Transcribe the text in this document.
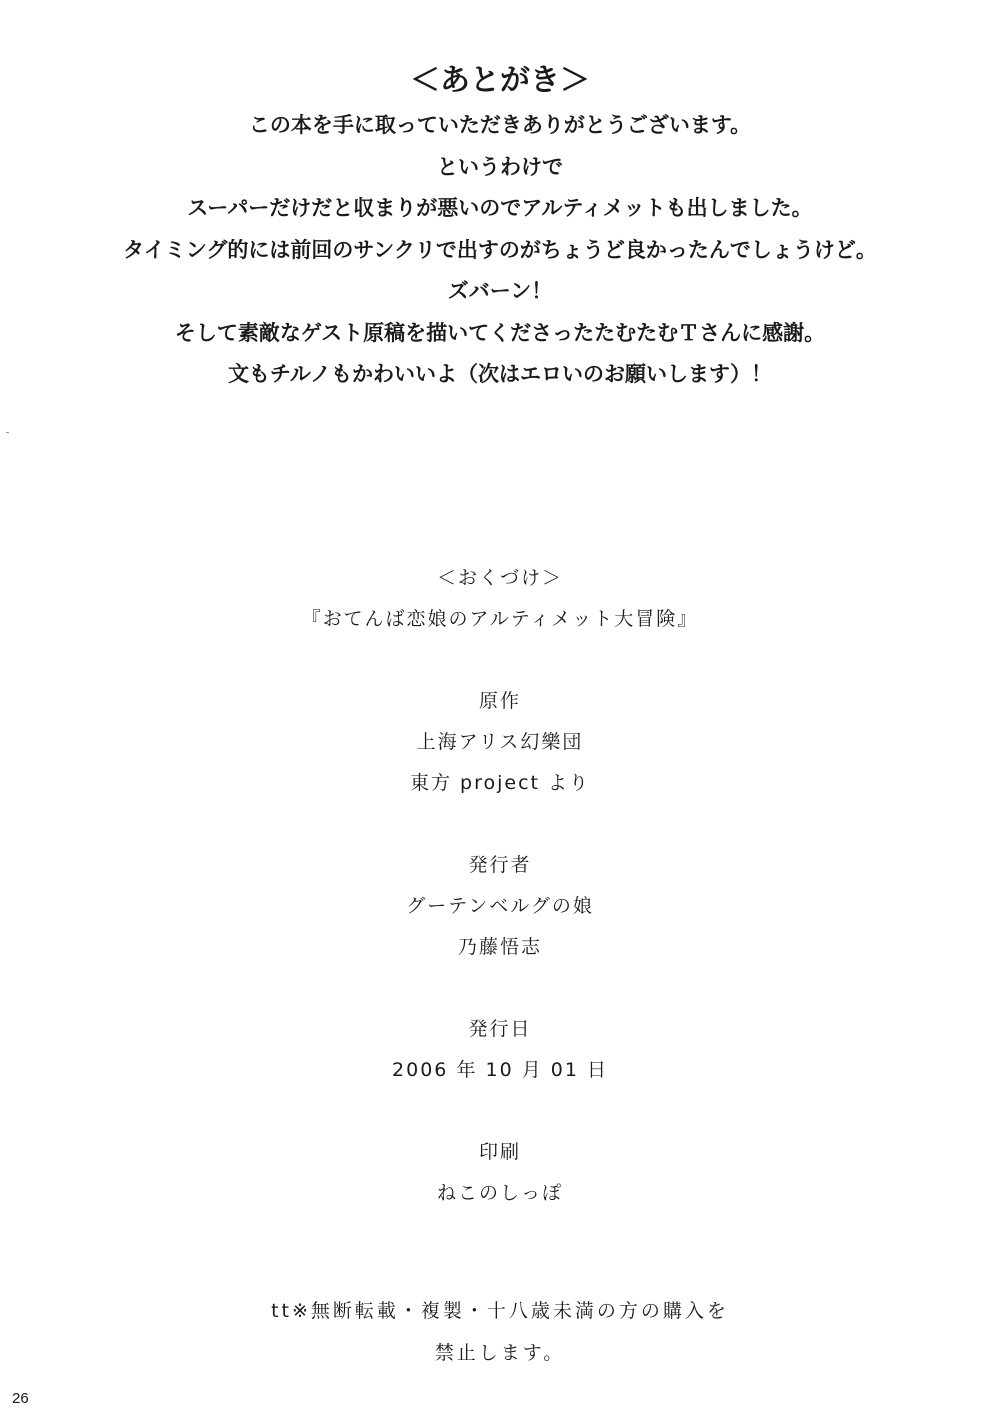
＜あとがき＞
この本を手に取っていただきありがとうございます。
というわけで
スーパーだけだと収まりが悪いのでアルティメットも出しました。
タイミング的には前回のサンクリで出すのがちょうど良かったんでしょうけど。
ズバーン！
そして素敵なゲスト原稿を描いてくださったたむたむＴさんに感謝。
文もチルノもかわいいよ（次はエロいのお願いします）！
＜おくづけ＞
『おてんば恋娘のアルティメット大冒険』
原作
上海アリス幻樂団
東方 project より
発行者
グーテンベルグの娘
乃藤悟志
発行日
2006 年 10 月 01 日
印刷
ねこのしっぽ
tt※無断転載・複製・十八歳未満の方の購入を
禁止します。
26
